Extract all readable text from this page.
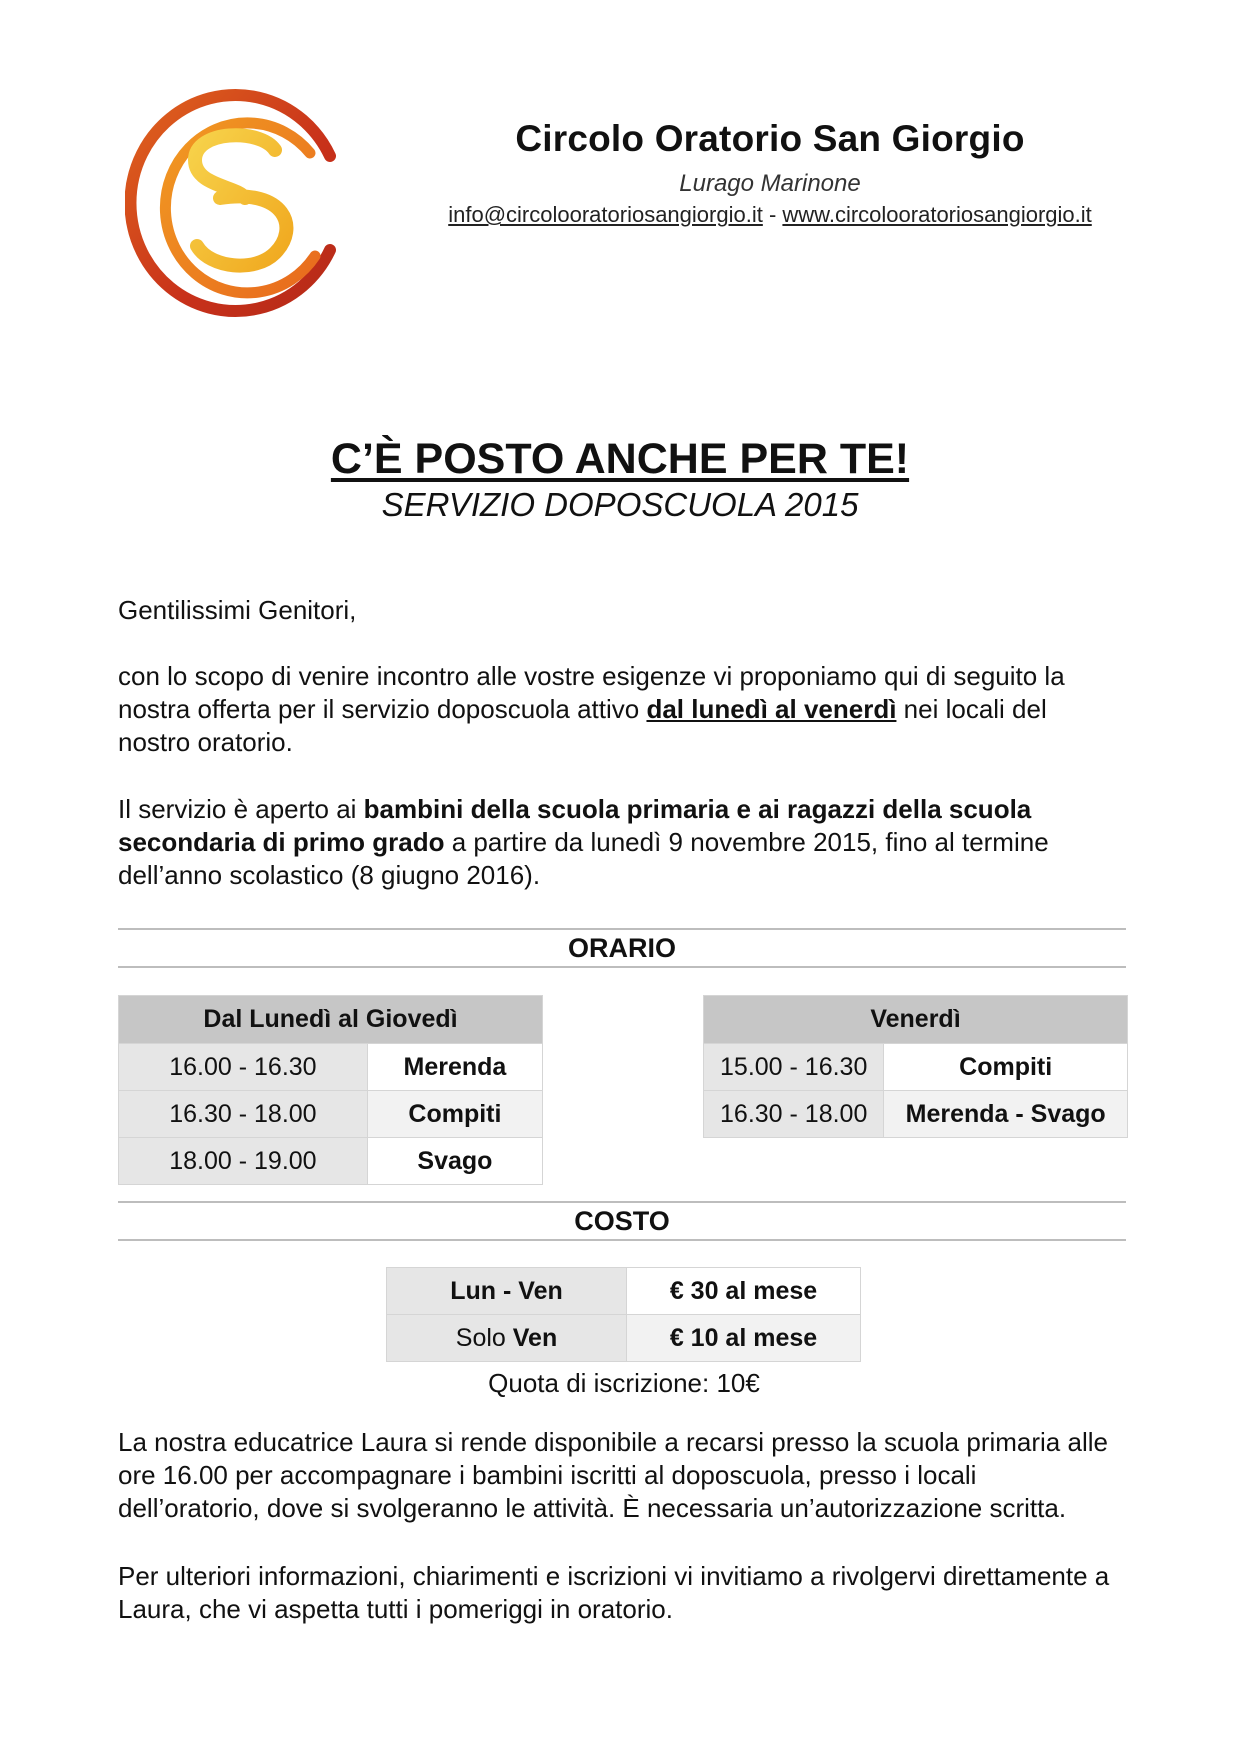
Circolo Oratorio San Giorgio
Lurago Marinone
info@circolooratoriosangiorgio.it - www.circolooratoriosangiorgio.it
C’È POSTO ANCHE PER TE!
SERVIZIO DOPOSCUOLA 2015
Gentilissimi Genitori,
con lo scopo di venire incontro alle vostre esigenze vi proponiamo qui di seguito la nostra offerta per il servizio doposcuola attivo dal lunedì al venerdì nei locali del nostro oratorio.
Il servizio è aperto ai bambini della scuola primaria e ai ragazzi della scuola secondaria di primo grado a partire da lunedì 9 novembre 2015, fino al termine dell’anno scolastico (8 giugno 2016).
ORARIO
Dal Lunedì al Giovedì	
16.00 - 16.30	Merenda
16.30 - 18.00	Compiti
18.00 - 19.00	Svago
Venerdì	
15.00 - 16.30	Compiti
16.30 - 18.00	Merenda - Svago
COSTO
Lun - Ven	€ 30 al mese
Solo Ven	€ 10 al mese
Quota di iscrizione: 10€
La nostra educatrice Laura si rende disponibile a recarsi presso la scuola primaria alle ore 16.00 per accompagnare i bambini iscritti al doposcuola, presso i locali dell’oratorio, dove si svolgeranno le attività. È necessaria un’autorizzazione scritta.
Per ulteriori informazioni, chiarimenti e iscrizioni vi invitiamo a rivolgervi direttamente a Laura, che vi aspetta tutti i pomeriggi in oratorio.
